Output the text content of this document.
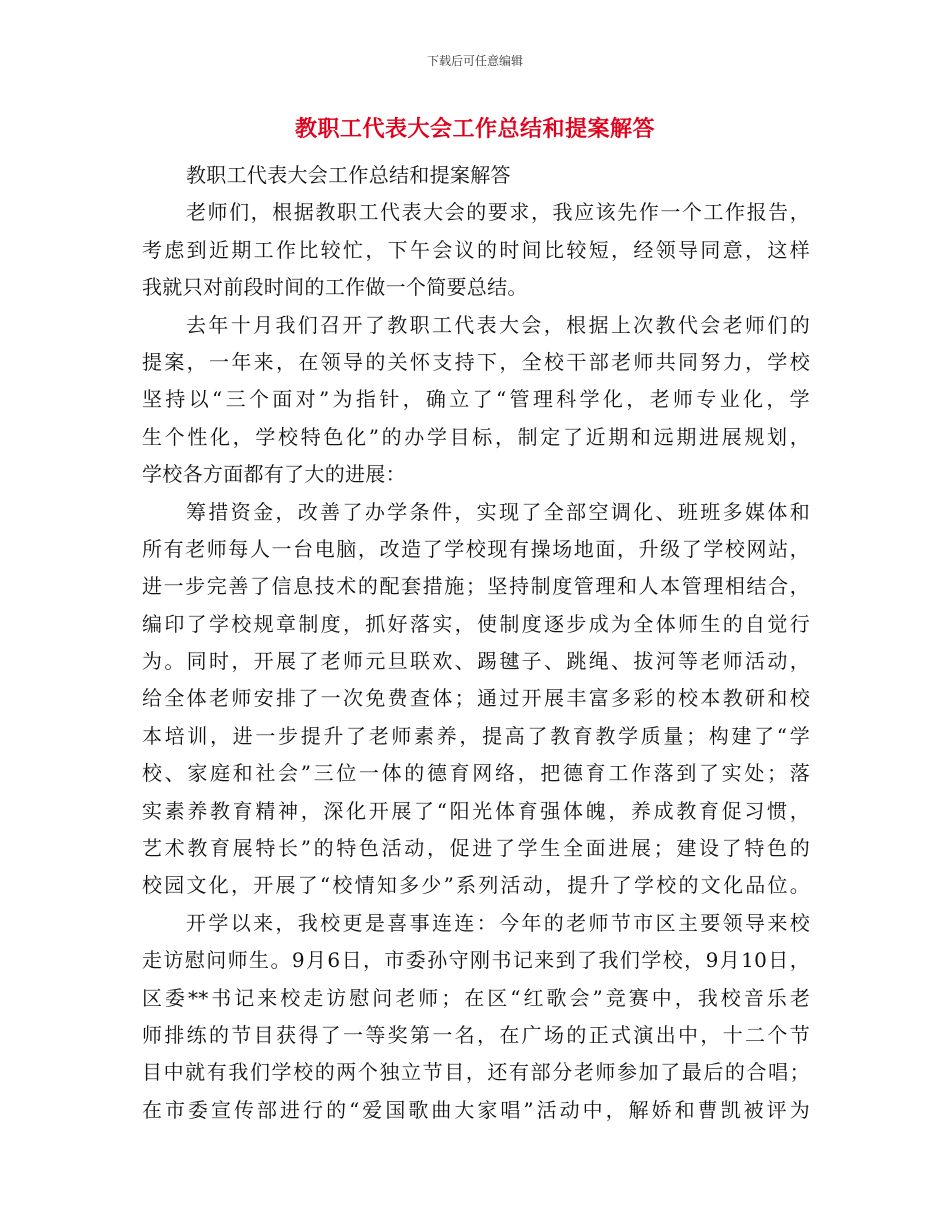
下载后可任意编辑
教职工代表大会工作总结和提案解答
教职工代表大会工作总结和提案解答
老师们，根据教职工代表大会的要求，我应该先作一个工作报告，
考虑到近期工作比较忙，下午会议的时间比较短，经领导同意，这样
我就只对前段时间的工作做一个简要总结。
去年十月我们召开了教职工代表大会，根据上次教代会老师们的
提案，一年来，在领导的关怀支持下，全校干部老师共同努力，学校
坚持以“三个面对”为指针，确立了“管理科学化，老师专业化，学
生个性化，学校特色化”的办学目标，制定了近期和远期进展规划，
学校各方面都有了大的进展：
筹措资金，改善了办学条件，实现了全部空调化、班班多媒体和
所有老师每人一台电脑，改造了学校现有操场地面，升级了学校网站，
进一步完善了信息技术的配套措施；坚持制度管理和人本管理相结合，
编印了学校规章制度，抓好落实，使制度逐步成为全体师生的自觉行
为。同时，开展了老师元旦联欢、踢毽子、跳绳、拔河等老师活动，
给全体老师安排了一次免费查体；通过开展丰富多彩的校本教研和校
本培训，进一步提升了老师素养，提高了教育教学质量；构建了“学
校、家庭和社会”三位一体的德育网络，把德育工作落到了实处；落
实素养教育精神，深化开展了“阳光体育强体魄，养成教育促习惯，
艺术教育展特长”的特色活动，促进了学生全面进展；建设了特色的
校园文化，开展了“校情知多少”系列活动，提升了学校的文化品位。
开学以来，我校更是喜事连连：今年的老师节市区主要领导来校
走访慰问师生。9月6日，市委孙守刚书记来到了我们学校，9月10日，
区委**书记来校走访慰问老师；在区“红歌会”竞赛中，我校音乐老
师排练的节目获得了一等奖第一名，在广场的正式演出中，十二个节
目中就有我们学校的两个独立节目，还有部分老师参加了最后的合唱；
在市委宣传部进行的“爱国歌曲大家唱”活动中，解娇和曹凯被评为
